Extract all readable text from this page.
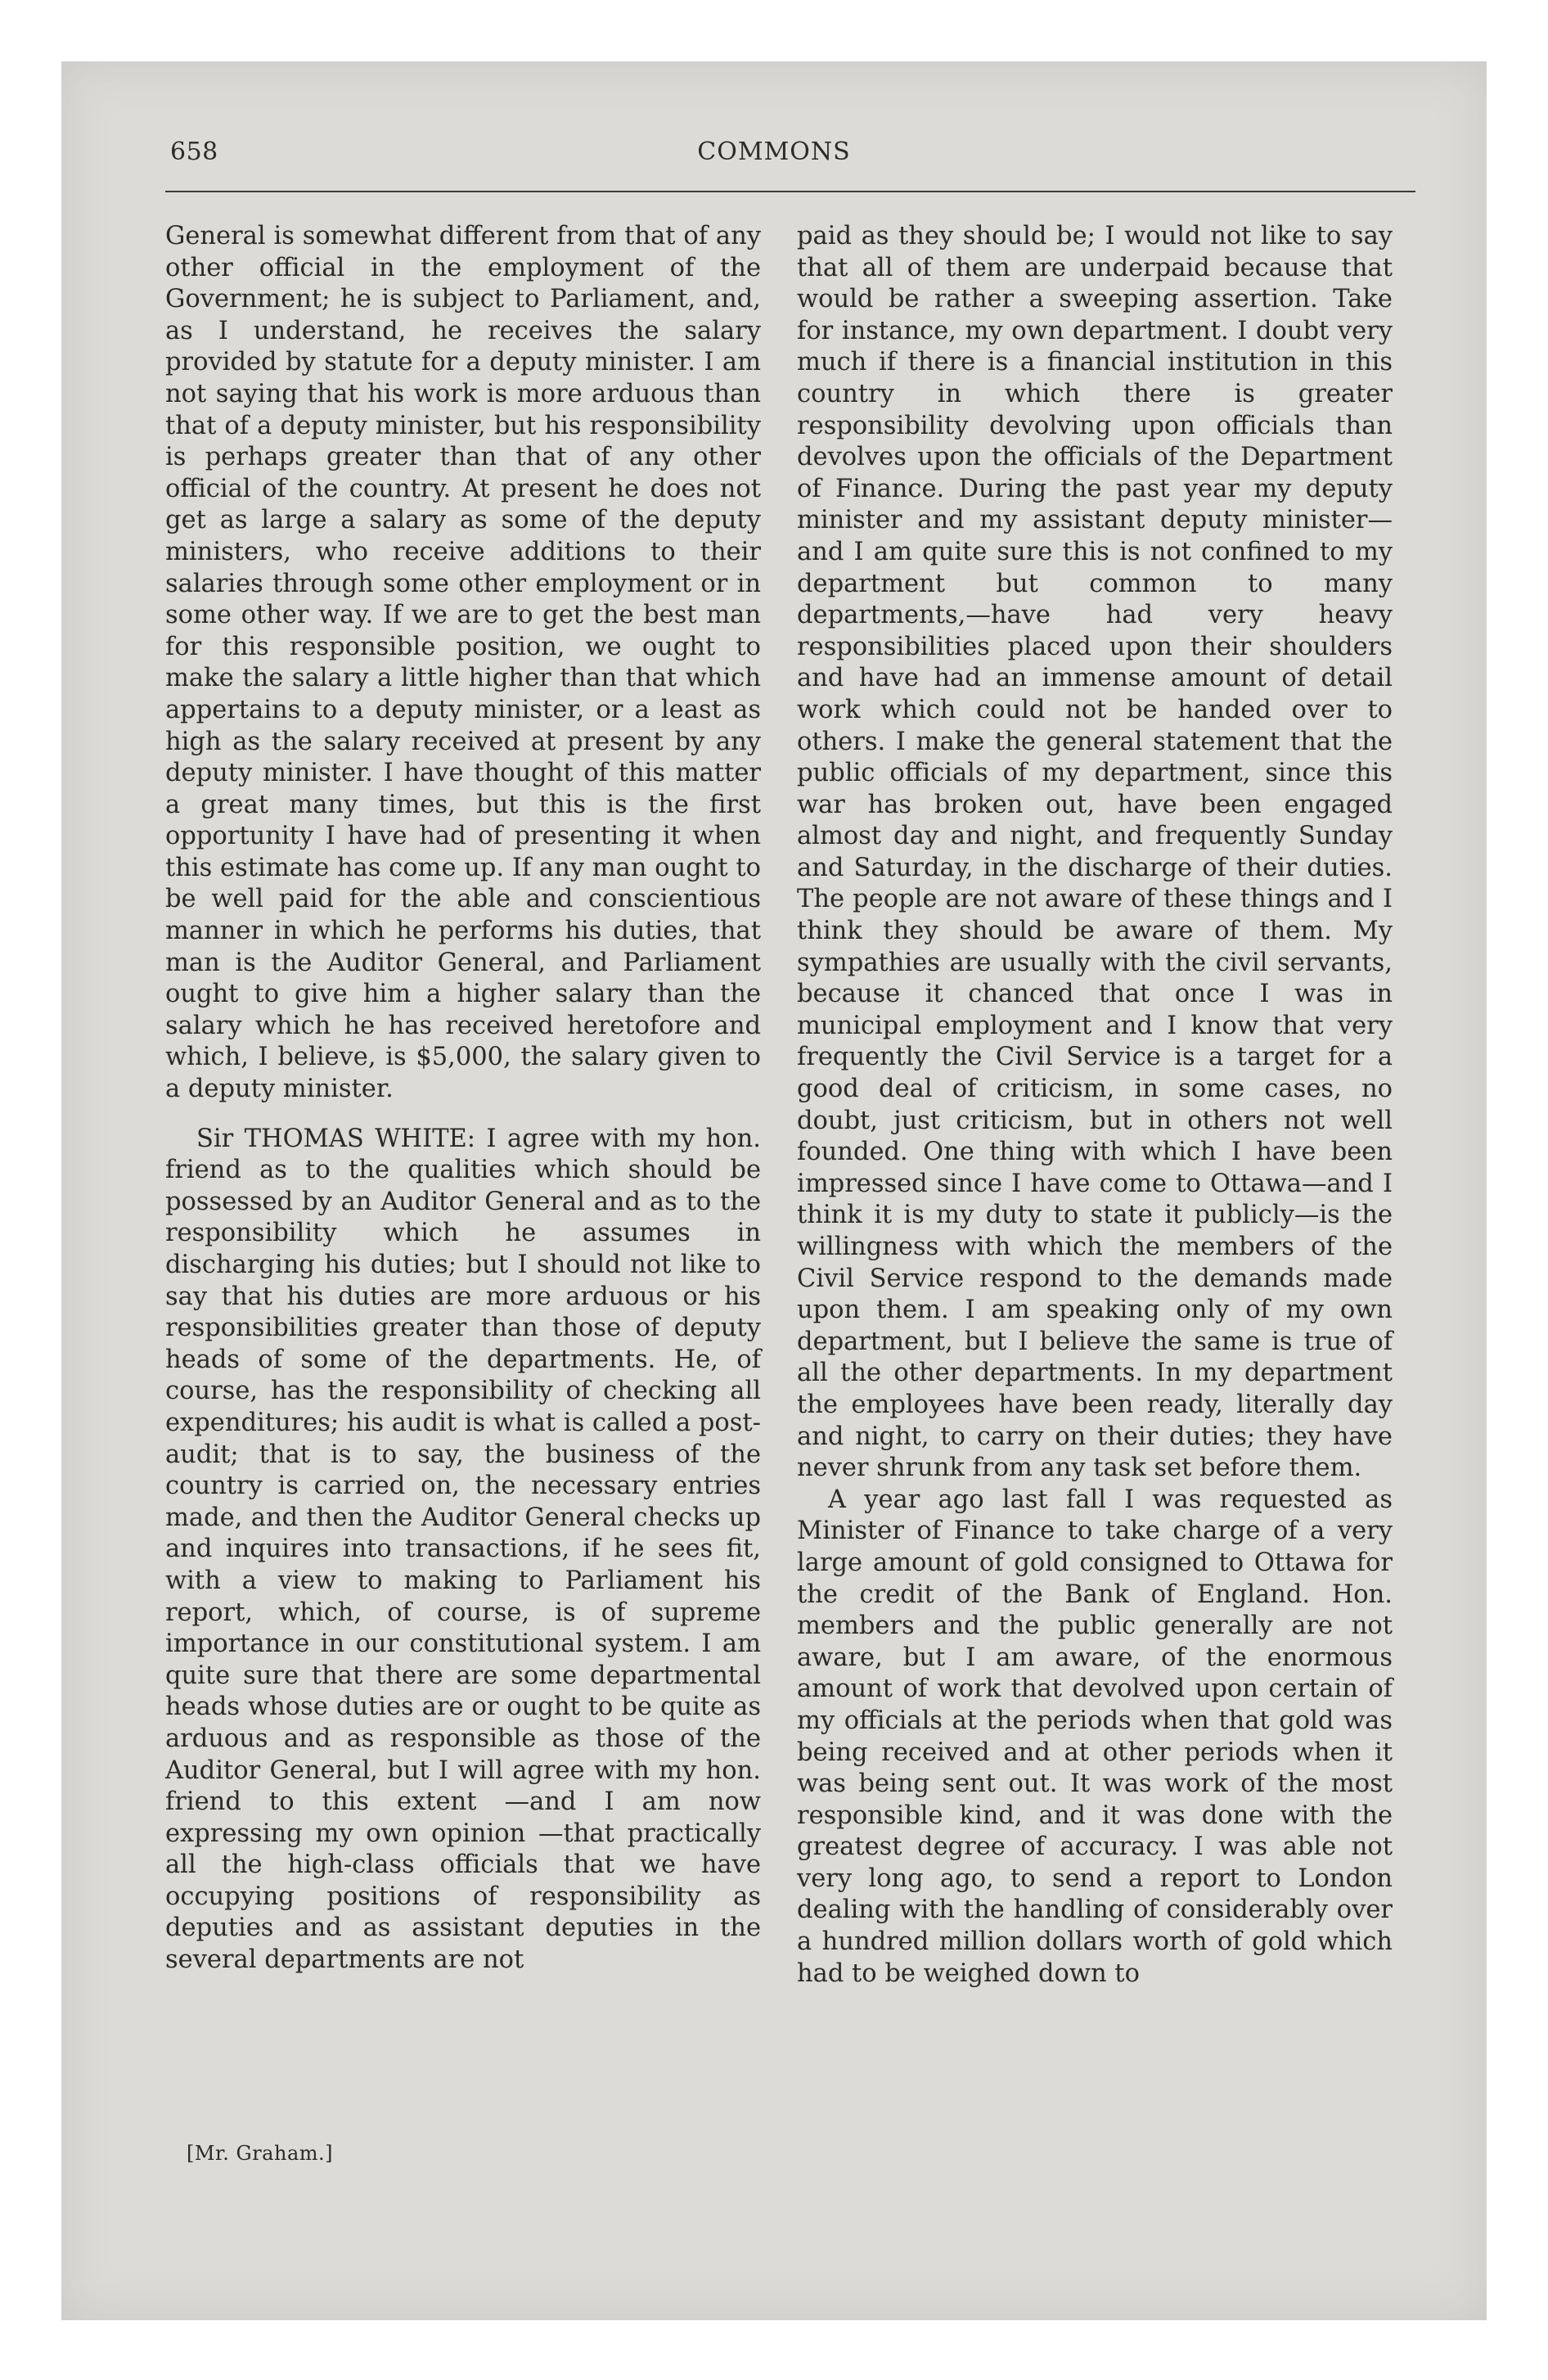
658	COMMONS

General is somewhat different from that of any other official in the employment of the Government; he is subject to Parliament, and, as I understand, he receives the salary provided by statute for a deputy minister. I am not saying that his work is more arduous than that of a deputy minister, but his responsibility is perhaps greater than that of any other official of the country. At present he does not get as large a salary as some of the deputy ministers, who receive additions to their salaries through some other employment or in some other way. If we are to get the best man for this responsible position, we ought to make the salary a little higher than that which appertains to a deputy minister, or a least as high as the salary received at present by any deputy minister. I have thought of this matter a great many times, but this is the first opportunity I have had of presenting it when this estimate has come up. If any man ought to be well paid for the able and conscientious manner in which he performs his duties, that man is the Auditor General, and Parliament ought to give him a higher salary than the salary which he has received heretofore and which, I believe, is $5,000, the salary given to a deputy minister.

Sir THOMAS WHITE: I agree with my hon. friend as to the qualities which should be possessed by an Auditor General and as to the responsibility which he assumes in discharging his duties; but I should not like to say that his duties are more arduous or his responsibilities greater than those of deputy heads of some of the departments. He, of course, has the responsibility of checking all expenditures; his audit is what is called a post-audit; that is to say, the business of the country is carried on, the necessary entries made, and then the Auditor General checks up and inquires into transactions, if he sees fit, with a view to making to Parliament his report, which, of course, is of supreme importance in our constitutional system. I am quite sure that there are some departmental heads whose duties are or ought to be quite as arduous and as responsible as those of the Auditor General, but I will agree with my hon. friend to this extent —and I am now expressing my own opinion —that practically all the high-class officials that we have occupying positions of responsibility as deputies and as assistant deputies in the several departments are not

paid as they should be; I would not like to say that all of them are underpaid because that would be rather a sweeping assertion. Take for instance, my own department. I doubt very much if there is a financial institution in this country in which there is greater responsibility devolving upon officials than devolves upon the officials of the Department of Finance. During the past year my deputy minister and my assistant deputy minister—and I am quite sure this is not confined to my department but common to many departments,—have had very heavy responsibilities placed upon their shoulders and have had an immense amount of detail work which could not be handed over to others. I make the general statement that the public officials of my department, since this war has broken out, have been engaged almost day and night, and frequently Sunday and Saturday, in the discharge of their duties. The people are not aware of these things and I think they should be aware of them. My sympathies are usually with the civil servants, because it chanced that once I was in municipal employment and I know that very frequently the Civil Service is a target for a good deal of criticism, in some cases, no doubt, just criticism, but in others not well founded. One thing with which I have been impressed since I have come to Ottawa—and I think it is my duty to state it publicly—is the willingness with which the members of the Civil Service respond to the demands made upon them. I am speaking only of my own department, but I believe the same is true of all the other departments. In my department the employees have been ready, literally day and night, to carry on their duties; they have never shrunk from any task set before them.

A year ago last fall I was requested as Minister of Finance to take charge of a very large amount of gold consigned to Ottawa for the credit of the Bank of England. Hon. members and the public generally are not aware, but I am aware, of the enormous amount of work that devolved upon certain of my officials at the periods when that gold was being received and at other periods when it was being sent out. It was work of the most responsible kind, and it was done with the greatest degree of accuracy. I was able not very long ago, to send a report to London dealing with the handling of considerably over a hundred million dollars worth of gold which had to be weighed down to

[Mr. Graham.]
